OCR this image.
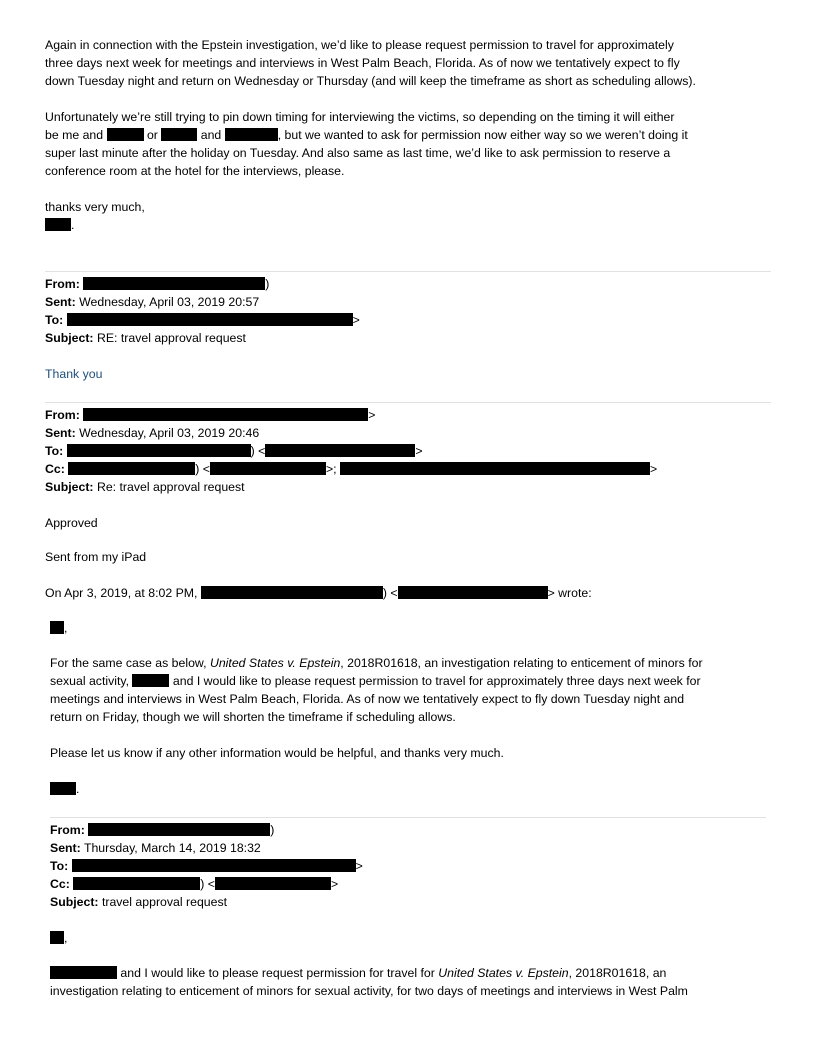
Again in connection with the Epstein investigation, we’d like to please request permission to travel for approximately
three days next week for meetings and interviews in West Palm Beach, Florida. As of now we tentatively expect to fly
down Tuesday night and return on Wednesday or Thursday (and will keep the timeframe as short as scheduling allows).
Unfortunately we’re still trying to pin down timing for interviewing the victims, so depending on the timing it will either
be me and	or	and	, but we wanted to ask for permission now either way so we weren’t doing it
super last minute after the holiday on Tuesday. And also same as last time, we’d like to ask permission to reserve a
conference room at the hotel for the interviews, please.
thanks very much,
.
From:	)
Sent: Wednesday, April 03, 2019 20:57
To:	>
Subject: RE: travel approval request
Thank you
From:	>
Sent: Wednesday, April 03, 2019 20:46
To:	) <	>
Cc:	) <	>;	>
Subject: Re: travel approval request
Approved
Sent from my iPad
On Apr 3, 2019, at 8:02 PM,	) <	> wrote:
,
For the same case as below, United States v. Epstein, 2018R01618, an investigation relating to enticement of minors for
sexual activity,	and I would like to please request permission to travel for approximately three days next week for
meetings and interviews in West Palm Beach, Florida. As of now we tentatively expect to fly down Tuesday night and
return on Friday, though we will shorten the timeframe if scheduling allows.
Please let us know if any other information would be helpful, and thanks very much.
.
From:	)
Sent: Thursday, March 14, 2019 18:32
To:	>
Cc:	) <	>
Subject: travel approval request
,
and I would like to please request permission for travel for United States v. Epstein, 2018R01618, an
investigation relating to enticement of minors for sexual activity, for two days of meetings and interviews in West Palm
